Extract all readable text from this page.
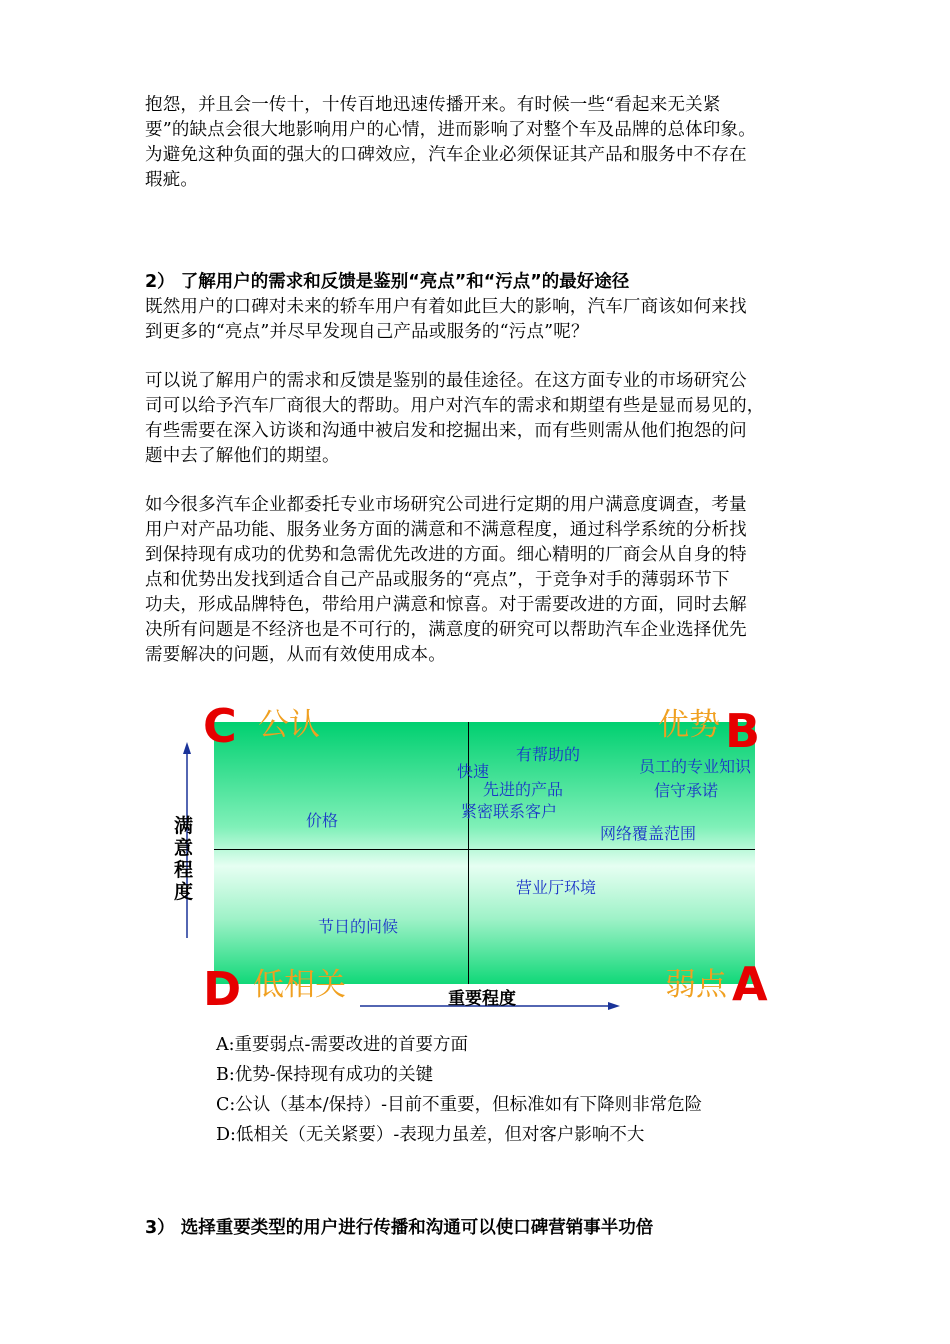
抱怨，并且会一传十，十传百地迅速传播开来。有时候一些“看起来无关紧
要”的缺点会很大地影响用户的心情，进而影响了对整个车及品牌的总体印象。
为避免这种负面的强大的口碑效应，汽车企业必须保证其产品和服务中不存在
瑕疵。
2） 了解用户的需求和反馈是鉴别“亮点”和“污点”的最好途径
既然用户的口碑对未来的轿车用户有着如此巨大的影响，汽车厂商该如何来找
到更多的“亮点”并尽早发现自己产品或服务的“污点”呢？
可以说了解用户的需求和反馈是鉴别的最佳途径。在这方面专业的市场研究公
司可以给予汽车厂商很大的帮助。用户对汽车的需求和期望有些是显而易见的，
有些需要在深入访谈和沟通中被启发和挖掘出来，而有些则需从他们抱怨的问
题中去了解他们的期望。
如今很多汽车企业都委托专业市场研究公司进行定期的用户满意度调查，考量
用户对产品功能、服务业务方面的满意和不满意程度，通过科学系统的分析找
到保持现有成功的优势和急需优先改进的方面。细心精明的厂商会从自身的特
点和优势出发找到适合自己产品或服务的“亮点”，于竞争对手的薄弱环节下
功夫，形成品牌特色，带给用户满意和惊喜。对于需要改进的方面，同时去解
决所有问题是不经济也是不可行的，满意度的研究可以帮助汽车企业选择优先
需要解决的问题，从而有效使用成本。
满
意
程
度
重要程度
C 公认	优势 B
D 低相关	弱点 A
有帮助的
快速
先进的产品
紧密联系客户
员工的专业知识
信守承诺
价格
网络覆盖范围
营业厅环境
节日的问候
A:重要弱点-需要改进的首要方面
B:优势-保持现有成功的关键
C:公认（基本/保持）-目前不重要，但标准如有下降则非常危险
D:低相关（无关紧要）-表现力虽差，但对客户影响不大
3） 选择重要类型的用户进行传播和沟通可以使口碑营销事半功倍
